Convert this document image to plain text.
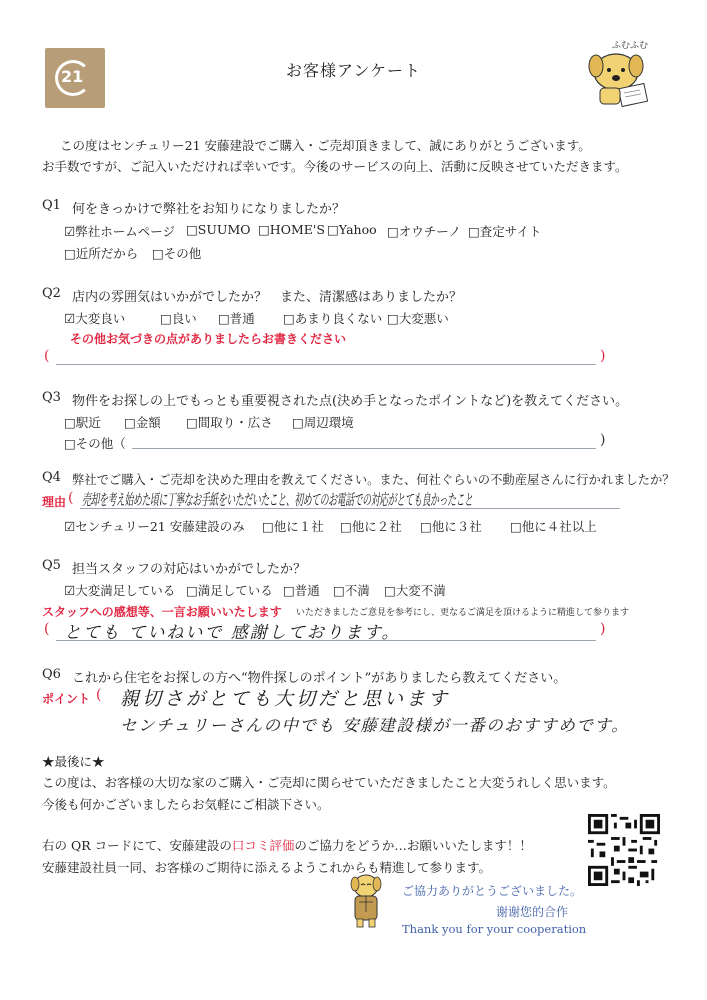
21	お客様アンケート
ふむふむ
この度はセンチュリー21 安藤建設でご購入・ご売却頂きまして、誠にありがとうございます。
お手数ですが、ご記入いただければ幸いです。今後のサービスの向上、活動に反映させていただきます。
Q1 何をきっかけで弊社をお知りになりましたか？
☑弊社ホームページ □SUUMO □HOME'S □Yahoo □オウチーノ □査定サイト
□近所だから □その他
Q2 店内の雰囲気はいかがでしたか？　また、清潔感はありましたか？
☑大変良い	□良い □普通 □あまり良くない □大変悪い
その他お気づきの点がありましたらお書きください
(	)
Q3 物件をお探しの上でもっとも重要視された点(決め手となったポイントなど)を教えてください。
□駅近 □金額 □間取り・広さ □周辺環境
□その他（	)
Q4 弊社でご購入・ご売却を決めた理由を教えてください。また、何社ぐらいの不動産屋さんに行かれましたか？
理由 ( 売却を考え始めた頃に丁寧なお手紙をいただいたこと、初めてのお電話での対応がとても良かったこと
☑センチュリー21 安藤建設のみ □他に１社 □他に２社 □他に３社 □他に４社以上
Q5 担当スタッフの対応はいかがでしたか？
☑大変満足している □満足している □普通 □不満 □大変不満
スタッフへの感想等、一言お願いいたします いただきましたご意見を参考にし、更なるご満足を頂けるように精進して参ります
( とても ていねいで 感謝しております。	)
Q6 これから住宅をお探しの方へ“物件探しのポイント”がありましたら教えてください。
ポイント ( 親切さがとても大切だと思います
センチュリーさんの中でも 安藤建設様が一番のおすすめです。
★最後に★
この度は、お客様の大切な家のご購入・ご売却に関らせていただきましたこと大変うれしく思います。
今後も何かございましたらお気軽にご相談下さい。
右の QR コードにて、安藤建設の口コミ評価のご協力をどうか…お願いいたします！！
安藤建設社員一同、お客様のご期待に添えるようこれからも精進して参ります。
ご協力ありがとうございました。
谢谢您的合作
Thank you for your cooperation
